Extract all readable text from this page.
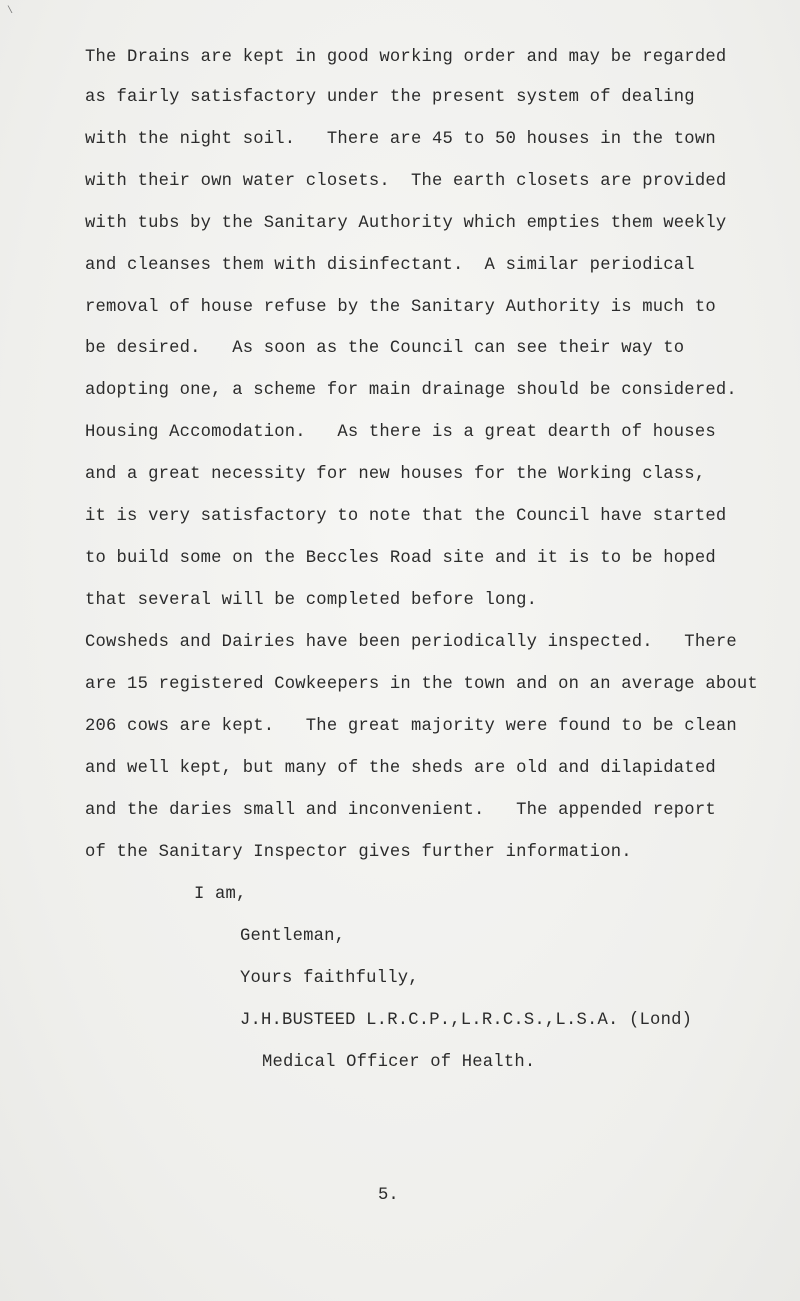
\
The Drains are kept in good working order and may be regarded
as fairly satisfactory under the present system of dealing
with the night soil.   There are 45 to 50 houses in the town
with their own water closets.  The earth closets are provided
with tubs by the Sanitary Authority which empties them weekly
and cleanses them with disinfectant.  A similar periodical
removal of house refuse by the Sanitary Authority is much to
be desired.   As soon as the Council can see their way to
adopting one, a scheme for main drainage should be considered.
Housing Accomodation.   As there is a great dearth of houses
and a great necessity for new houses for the Working class,
it is very satisfactory to note that the Council have started
to build some on the Beccles Road site and it is to be hoped
that several will be completed before long.
Cowsheds and Dairies have been periodically inspected.   There
are 15 registered Cowkeepers in the town and on an average about
206 cows are kept.   The great majority were found to be clean
and well kept, but many of the sheds are old and dilapidated
and the daries small and inconvenient.   The appended report
of the Sanitary Inspector gives further information.
I am,
Gentleman,
Yours faithfully,
J.H.BUSTEED L.R.C.P.,L.R.C.S.,L.S.A. (Lond)
Medical Officer of Health.
5.
